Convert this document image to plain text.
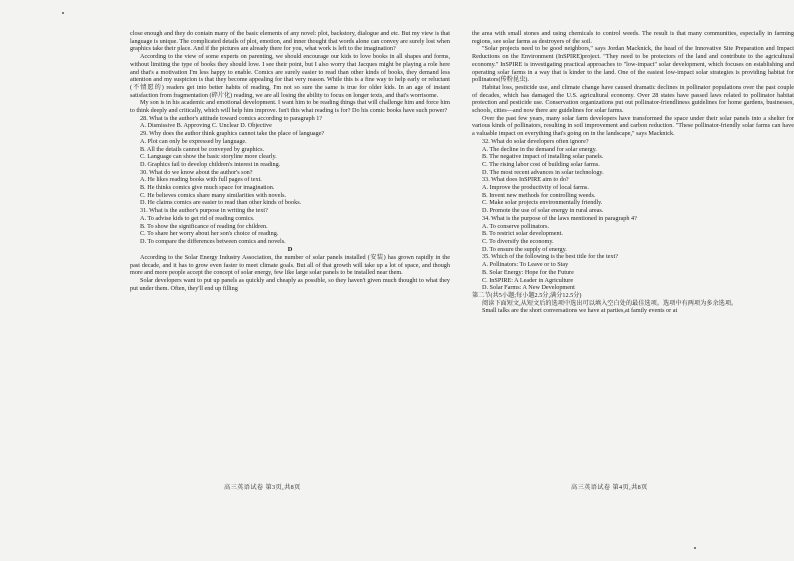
close enough and they do contain many of the basic elements of any novel: plot, backstory, dialogue and etc. But my view is that language is unique. The complicated details of plot, emotion, and inner thought that words alone can convey are surely lost when graphics take their place. And if the pictures are already there for you, what work is left to the imagination?

According to the view of some experts on parenting, we should encourage our kids to love books in all shapes and forms, without limiting the type of books they should love. I see their point, but I also worry that Jacques might be playing a role here and that's a motivation I'm less happy to enable. Comics are surely easier to read than other kinds of books, they demand less attention and my suspicion is that they become appealing for that very reason. While this is a fine way to help early or reluctant (不情愿的) readers get into better habits of reading, I'm not so sure the same is true for older kids. In an age of instant satisfaction from fragmentation (碎片化) reading, we are all losing the ability to focus on longer texts, and that's worrisome.

My son is in his academic and emotional development. I want him to be reading things that will challenge him and force him to think deeply and critically, which will help him improve. Isn't this what reading is for? Do his comic books have such power?

28. What is the author's attitude toward comics according to paragraph 1?
A. Dismissive B. Approving C. Unclear D. Objective
29. Why does the author think graphics cannot take the place of language?
A. Plot can only be expressed by language.
B. All the details cannot be conveyed by graphics.
C. Language can show the basic storyline more clearly.
D. Graphics fail to develop children's interest in reading.
30. What do we know about the author's son?
A. He likes reading books with full pages of text.
B. He thinks comics give much space for imagination.
C. He believes comics share many similarities with novels.
D. He claims comics are easier to read than other kinds of books.
31. What is the author's purpose in writing the text?
A. To advise kids to get rid of reading comics.
B. To show the significance of reading for children.
C. To share her worry about her son's choice of reading.
D. To compare the differences between comics and novels.
D

According to the Solar Energy Industry Association, the number of solar panels installed (安装) has grown rapidly in the past decade, and it has to grow even faster to meet climate goals. But all of that growth will take up a lot of space, and though more and more people accept the concept of solar energy, few like large solar panels to be installed near them.

Solar developers want to put up panels as quickly and cheaply as possible, so they haven't given much thought to what they put under them. Often, they'll end up filling

the area with small stones and using chemicals to control weeds. The result is that many communities, especially in farming regions, see solar farms as destroyers of the soil.

"Solar projects need to be good neighbors," says Jordan Macknick, the head of the Innovative Site Preparation and Impact Reductions on the Environment (InSPIRE)project. "They need to be protectors of the land and contribute to the agricultural economy." InSPIRE is investigating practical approaches to "low-impact" solar development, which focuses on establishing and operating solar farms in a way that is kinder to the land. One of the easiest low-impact solar strategies is providing habitat for pollinators(传粉昆虫).

Habitat loss, pesticide use, and climate change have caused dramatic declines in pollinator populations over the past couple of decades, which has damaged the U.S. agricultural economy. Over 28 states have passed laws related to pollinator habitat protection and pesticide use. Conservation organizations put out pollinator-friendliness guidelines for home gardens, businesses, schools, cities—and now there are guidelines for solar farms.

Over the past few years, many solar farm developers have transformed the space under their solar panels into a shelter for various kinds of pollinators, resulting in soil improvement and carbon reduction. "These pollinator-friendly solar farms can have a valuable impact on everything that's going on in the landscape," says Macknick.

32. What do solar developers often ignore?
A. The decline in the demand for solar energy.
B. The negative impact of installing solar panels.
C. The rising labor cost of building solar farms.
D. The most recent advances in solar technology.
33. What does InSPIRE aim to do?
A. Improve the productivity of local farms.
B. Invent new methods for controlling weeds.
C. Make solar projects environmentally friendly.
D. Promote the use of solar energy in rural areas.
34. What is the purpose of the laws mentioned in paragraph 4?
A. To conserve pollinators.
B. To restrict solar development.
C. To diversify the economy.
D. To ensure the supply of energy.
35. Which of the following is the best title for the text?
A. Pollinators: To Leave or to Stay
B. Solar Energy: Hope for the Future
C. InSPIRE: A Leader in Agriculture
D. Solar Farms: A New Development

第二节(共5小题;每小题2.5分,满分12.5分)

阅读下面短文,从短文后的选项中选出可以填入空白处的最佳选项。选项中有两项为多余选项。

Small talks are the short conversations we have at parties,at family events or at

高三英语试卷 第3页,共8页	高三英语试卷 第4页,共8页
